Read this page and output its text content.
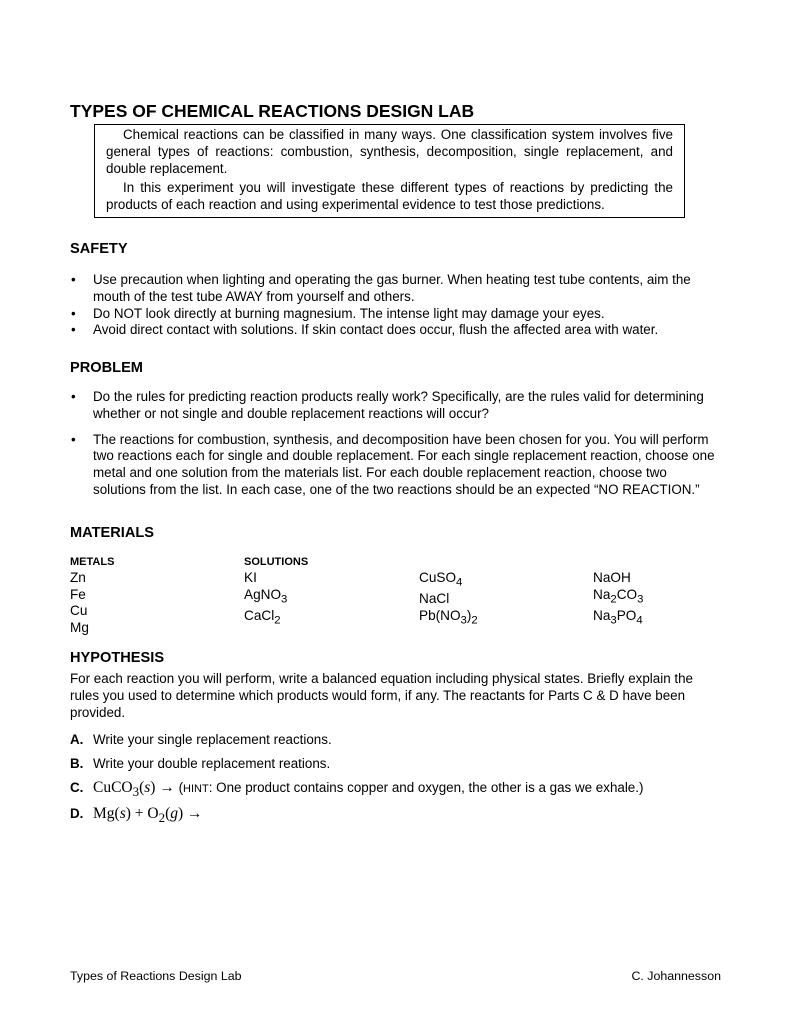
TYPES OF CHEMICAL REACTIONS DESIGN LAB

Chemical reactions can be classified in many ways. One classification system involves five general types of reactions: combustion, synthesis, decomposition, single replacement, and double replacement.

In this experiment you will investigate these different types of reactions by predicting the products of each reaction and using experimental evidence to test those predictions.

SAFETY
• Use precaution when lighting and operating the gas burner. When heating test tube contents, aim the mouth of the test tube AWAY from yourself and others.
• Do NOT look directly at burning magnesium. The intense light may damage your eyes.
• Avoid direct contact with solutions. If skin contact does occur, flush the affected area with water.
PROBLEM
• Do the rules for predicting reaction products really work? Specifically, are the rules valid for determining whether or not single and double replacement reactions will occur?
• The reactions for combustion, synthesis, and decomposition have been chosen for you. You will perform two reactions each for single and double replacement. For each single replacement reaction, choose one metal and one solution from the materials list. For each double replacement reaction, choose two solutions from the list. In each case, one of the two reactions should be an expected “NO REACTION.”
MATERIALS
METALS
Zn
Fe
Cu
Mg
SOLUTIONS
KI
AgNO$_3$
CaCl$_2$
CuSO$_4$
NaCl
$Pb(NO_3)_2$
NaOH
$Na_2CO_3$
$Na_3PO_4$
HYPOTHESIS
For each reaction you will perform, write a balanced equation including physical states. Briefly explain the rules you used to determine which products would form, if any. The reactants for Parts C & D have been provided.
A. Write your single replacement reactions.
B. Write your double replacement reations.
C. CuCO$_3$(s) → (HINT: One product contains copper and oxygen, the other is a gas we exhale.)
D. $Mg(s) + O_2(g)$ →
Types of Reactions Design Lab	C. Johannesson
